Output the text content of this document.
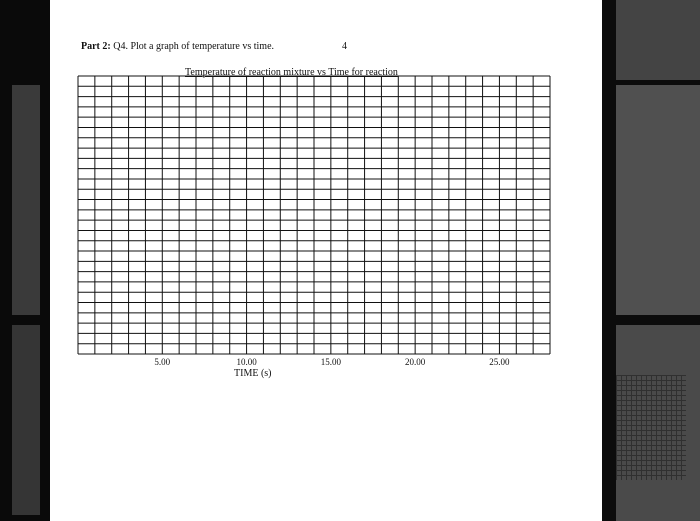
Part 2: Q4. Plot a graph of temperature vs time.	4
Temperature of reaction mixture vs Time for reaction
5.00	10.00	15.00	20.00	25.00
TIME (s)
